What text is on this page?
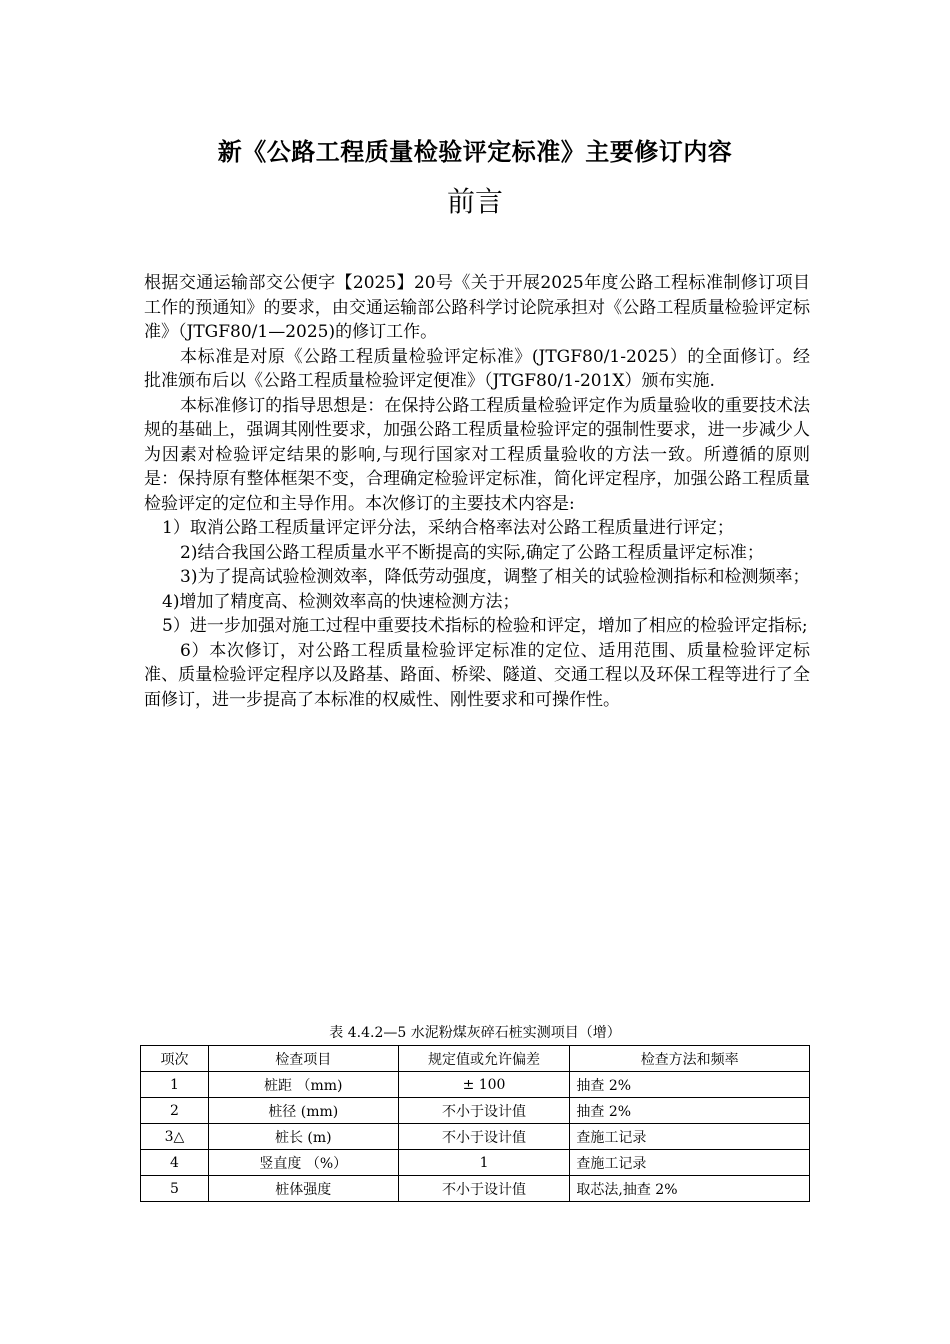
新《公路工程质量检验评定标准》主要修订内容
前言

根据交通运输部交公便字【2025】20号《关于开展2025年度公路工程标准制修订项目工作的预通知》的要求，由交通运输部公路科学讨论院承担对《公路工程质量检验评定标准》（JTGF80/1—2025)的修订工作。

本标准是对原《公路工程质量检验评定标准》(JTGF80/1-2025）的全面修订。经批准颁布后以《公路工程质量检验评定便准》（JTGF80/1-201X）颁布实施.

本标准修订的指导思想是：在保持公路工程质量检验评定作为质量验收的重要技术法规的基础上，强调其刚性要求，加强公路工程质量检验评定的强制性要求，进一步减少人为因素对检验评定结果的影响,与现行国家对工程质量验收的方法一致。所遵循的原则是：保持原有整体框架不变，合理确定检验评定标准，简化评定程序，加强公路工程质量检验评定的定位和主导作用。本次修订的主要技术内容是:

1）取消公路工程质量评定评分法，采纳合格率法对公路工程质量进行评定；

2)结合我国公路工程质量水平不断提高的实际,确定了公路工程质量评定标准；

3)为了提高试验检测效率，降低劳动强度，调整了相关的试验检测指标和检测频率；

4)增加了精度高、检测效率高的快速检测方法；

5）进一步加强对施工过程中重要技术指标的检验和评定，增加了相应的检验评定指标;

6）本次修订，对公路工程质量检验评定标准的定位、适用范围、质量检验评定标准、质量检验评定程序以及路基、路面、桥梁、隧道、交通工程以及环保工程等进行了全面修订，进一步提高了本标准的权威性、刚性要求和可操作性。

表 4.4.2—5 水泥粉煤灰碎石桩实测项目（增）
项次	检查项目	规定值或允许偏差	检查方法和频率
1	桩距 （mm)	± 100	抽查 2%
2	桩径 (mm)	不小于设计值	抽查 2%
3△	桩长 (m)	不小于设计值	查施工记录
4	竖直度 （%）	1	查施工记录
5	桩体强度	不小于设计值	取芯法,抽查 2%
